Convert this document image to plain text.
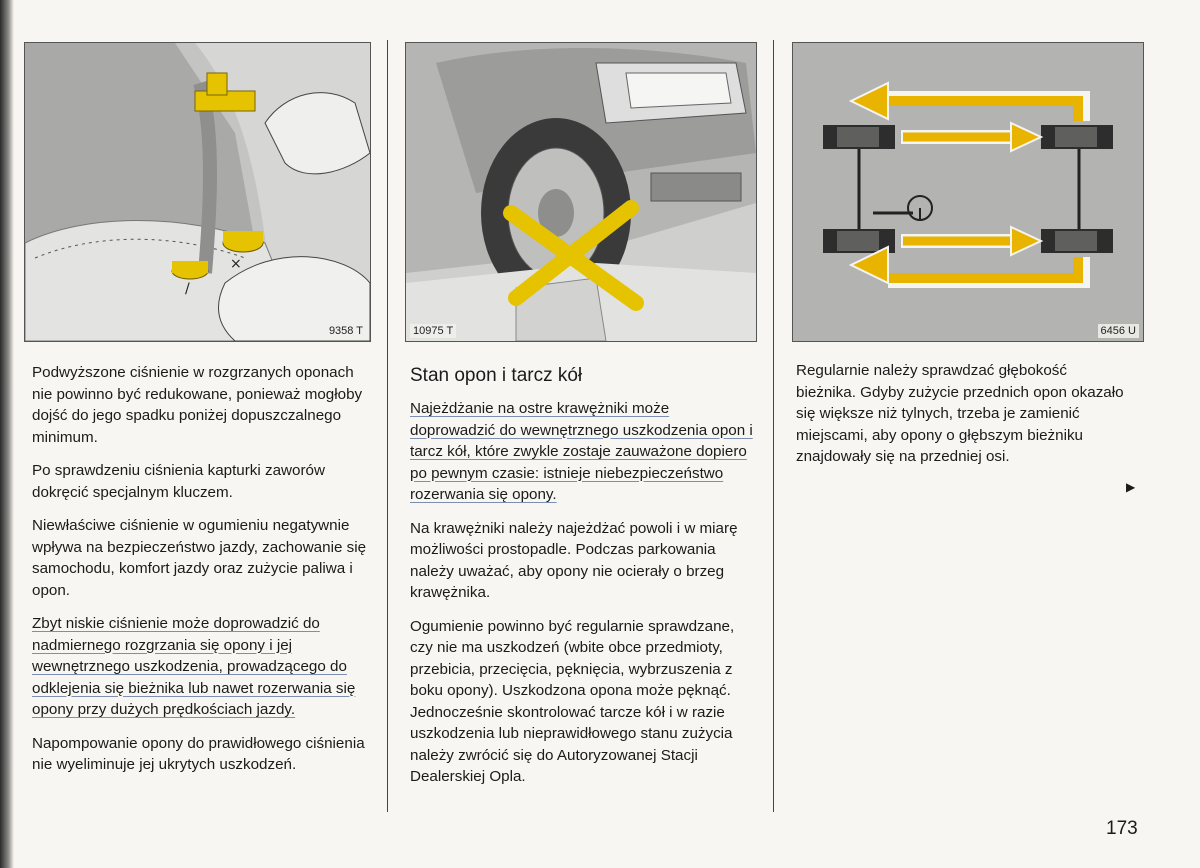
×
/
9358 T	10975 T	6456 U

Podwyższone ciśnienie w rozgrzanych oponach nie powinno być redukowane, ponieważ mogłoby dojść do jego spadku poniżej dopuszczalnego minimum.

Po sprawdzeniu ciśnienia kapturki zaworów dokręcić specjalnym kluczem.

Niewłaściwe ciśnienie w ogumieniu negatywnie wpływa na bezpieczeństwo jazdy, zachowanie się samochodu, komfort jazdy oraz zużycie paliwa i opon.

Zbyt niskie ciśnienie może doprowadzić do nadmiernego rozgrzania się opony i jej wewnętrznego uszkodzenia, prowadzącego do odklejenia się bieżnika lub nawet rozerwania się opony przy dużych prędkościach jazdy.

Napompowanie opony do prawidłowego ciśnienia nie wyeliminuje jej ukrytych uszkodzeń.

Stan opon i tarcz kół

Najeżdżanie na ostre krawężniki może doprowadzić do wewnętrznego uszkodzenia opon i tarcz kół, które zwykle zostaje zauważone dopiero po pewnym czasie: istnieje niebezpieczeństwo rozerwania się opony.

Na krawężniki należy najeżdżać powoli i w miarę możliwości prostopadle. Podczas parkowania należy uważać, aby opony nie ocierały o brzeg krawężnika.

Ogumienie powinno być regularnie sprawdzane, czy nie ma uszkodzeń (wbite obce przedmioty, przebicia, przecięcia, pęknięcia, wybrzuszenia z boku opony). Uszkodzona opona może pęknąć. Jednocześnie skontrolować tarcze kół i w razie uszkodzenia lub nieprawidłowego stanu zużycia należy zwrócić się do Autoryzowanej Stacji Dealerskiej Opla.

Regularnie należy sprawdzać głębokość bieżnika. Gdyby zużycie przednich opon okazało się większe niż tylnych, trzeba je zamienić miejscami, aby opony o głębszym bieżniku znajdowały się na przedniej osi.

▶
173
